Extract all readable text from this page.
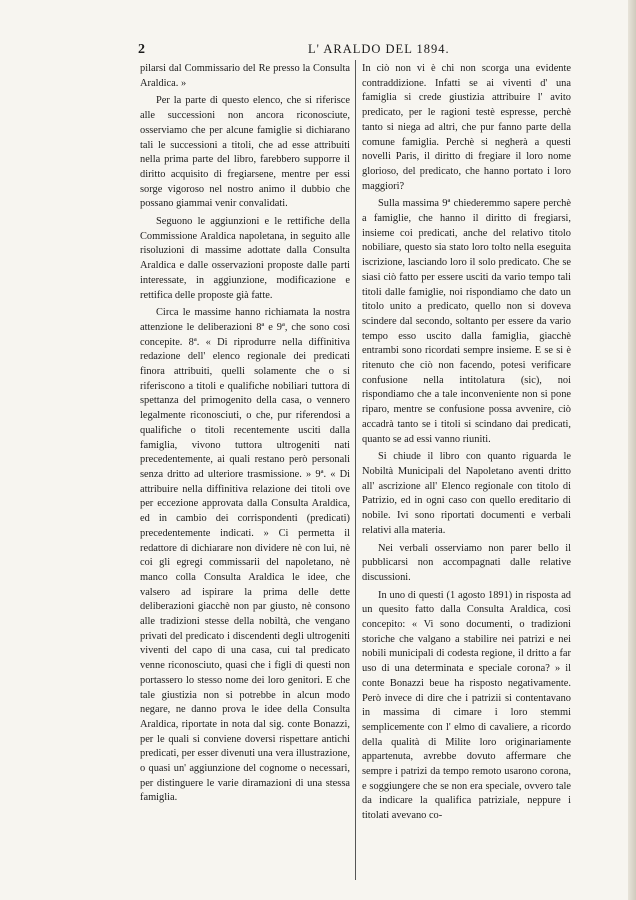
2	L' ARALDO DEL 1894.

pilarsi dal Commissario del Re presso la Consulta Araldica. »

Per la parte di questo elenco, che si riferisce alle successioni non ancora riconosciute, osserviamo che per alcune famiglie si dichiarano tali le successioni a titoli, che ad esse attribuiti nella prima parte del libro, farebbero supporre il diritto acquisito di fregiarsene, mentre per essi sorge vigoroso nel nostro animo il dubbio che possano giammai venir convalidati.

Seguono le aggiunzioni e le rettifiche della Commissione Araldica napoletana, in seguito alle risoluzioni di massime adottate dalla Consulta Araldica e dalle osservazioni proposte dalle parti interessate, in aggiunzione, modificazione e rettifica delle proposte già fatte.

Circa le massime hanno richiamata la nostra attenzione le deliberazioni 8ª e 9ª, che sono così concepite. 8ª. « Di riprodurre nella diffinitiva redazione dell' elenco regionale dei predicati finora attribuiti, quelli solamente che o si riferiscono a titoli e qualifiche nobiliari tuttora di spettanza del primogenito della casa, o vennero legalmente riconosciuti, o che, pur riferendosi a qualifiche o titoli recentemente usciti dalla famiglia, vivono tuttora ultrogeniti nati precedentemente, ai quali restano però personali senza dritto ad ulteriore trasmissione. » 9ª. « Di attribuire nella diffinitiva relazione dei titoli ove per eccezione approvata dalla Consulta Araldica, ed in cambio dei corrispondenti (predicati) precedentemente indicati. » Ci permetta il redattore di dichiarare non dividere nè con lui, nè coi gli egregi commissarii del napoletano, nè manco colla Consulta Araldica le idee, che valsero ad ispirare la prima delle dette deliberazioni giacchè non par giusto, nè consono alle tradizioni stesse della nobiltà, che vengano privati del predicato i discendenti degli ultrogeniti viventi del capo di una casa, cui tal predicato venne riconosciuto, quasi che i figli di questi non portassero lo stesso nome dei loro genitori. E che tale giustizia non si potrebbe in alcun modo negare, ne danno prova le idee della Consulta Araldica, riportate in nota dal sig. conte Bonazzi, per le quali si conviene doversi rispettare antichi predicati, per esser divenuti una vera illustrazione, o quasi un' aggiunzione del cognome o necessari, per distinguere le varie diramazioni di una stessa famiglia.

In ciò non vi è chi non scorga una evidente contraddizione. Infatti se ai viventi d' una famiglia si crede giustizia attribuire l' avito predicato, per le ragioni testè espresse, perchè tanto si niega ad altri, che pur fanno parte della comune famiglia. Perchè si negherà a questi novelli Paris, il diritto di fregiare il loro nome glorioso, del predicato, che hanno portato i loro maggiori?

Sulla massima 9ª chiederemmo sapere perchè a famiglie, che hanno il diritto di fregiarsi, insieme coi predicati, anche del relativo titolo nobiliare, questo sia stato loro tolto nella eseguita iscrizione, lasciando loro il solo predicato. Che se siasi ciò fatto per essere usciti da vario tempo tali titoli dalle famiglie, noi rispondiamo che dato un titolo unito a predicato, quello non si doveva scindere dal secondo, soltanto per essere da vario tempo esso uscito dalla famiglia, giacchè entrambi sono ricordati sempre insieme. E se si è ritenuto che ciò non facendo, potesi verificare confusione nella intitolatura (sic), noi rispondiamo che a tale inconveniente non si pone riparo, mentre se confusione possa avvenire, ciò accadrà tanto se i titoli si scindano dai predicati, quanto se ad essi vanno riuniti.

Si chiude il libro con quanto riguarda le Nobiltà Municipali del Napoletano aventi dritto all' ascrizione all' Elenco regionale con titolo di Patrizio, ed in ogni caso con quello ereditario di nobile. Ivi sono riportati documenti e verbali relativi alla materia.

Nei verbali osserviamo non parer bello il pubblicarsi non accompagnati dalle relative discussioni.

In uno di questi (1 agosto 1891) in risposta ad un quesito fatto dalla Consulta Araldica, così concepito: « Vi sono documenti, o tradizioni storiche che valgano a stabilire nei patrizi e nei nobili municipali di codesta regione, il dritto a far uso di una determinata e speciale corona? » il conte Bonazzi beue ha risposto negativamente. Però invece di dire che i patrizii si contentavano in massima di cimare i loro stemmi semplicemente con l' elmo di cavaliere, a ricordo della qualità di Milite loro originariamente appartenuta, avrebbe dovuto affermare che sempre i patrizi da tempo remoto usarono corona, e soggiungere che se non era speciale, ovvero tale da indicare la qualifica patriziale, neppure i titolati avevano co-
